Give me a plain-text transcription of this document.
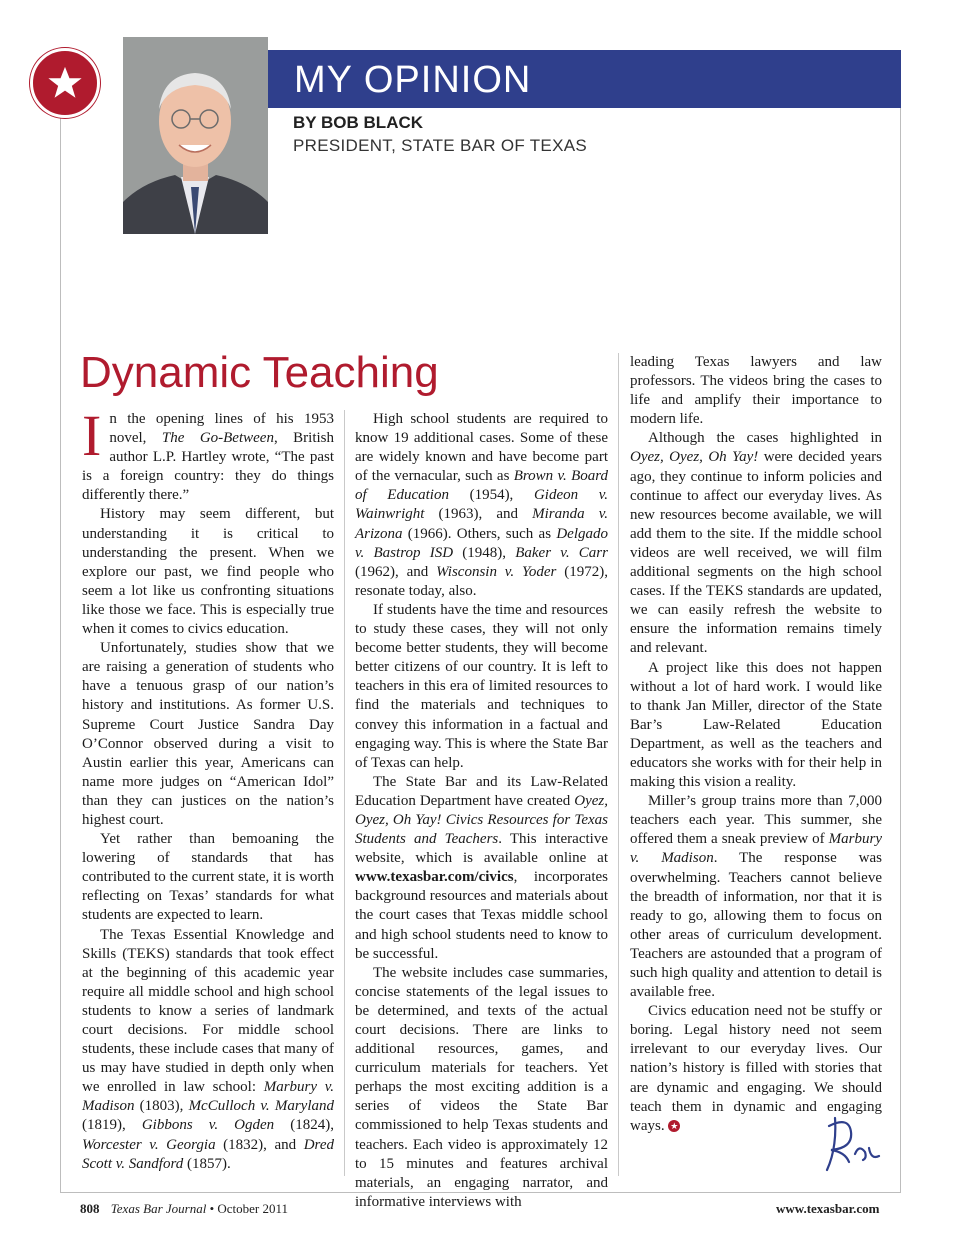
MY OPINION
BY BOB BLACK
PRESIDENT, STATE BAR OF TEXAS
Dynamic Teaching

In the opening lines of his 1953 novel, The Go-Between, British author L.P. Hartley wrote, “The past is a foreign country: they do things differently there.”

History may seem different, but understanding it is critical to understanding the present. When we explore our past, we find people who seem a lot like us confronting situations like those we face. This is especially true when it comes to civics education.

Unfortunately, studies show that we are raising a generation of students who have a tenuous grasp of our nation’s history and institutions. As former U.S. Supreme Court Justice Sandra Day O’Connor observed during a visit to Austin earlier this year, Americans can name more judges on “American Idol” than they can justices on the nation’s highest court.

Yet rather than bemoaning the lowering of standards that has contributed to the current state, it is worth reflecting on Texas’ standards for what students are expected to learn.

The Texas Essential Knowledge and Skills (TEKS) standards that took effect at the beginning of this academic year require all middle school and high school students to know a series of landmark court decisions. For middle school students, these include cases that many of us may have studied in depth only when we enrolled in law school: Marbury v. Madison (1803), McCulloch v. Maryland (1819), Gibbons v. Ogden (1824), Worcester v. Georgia (1832), and Dred Scott v. Sandford (1857).

High school students are required to know 19 additional cases. Some of these are widely known and have become part of the vernacular, such as Brown v. Board of Education (1954), Gideon v. Wainwright (1963), and Miranda v. Arizona (1966). Others, such as Delgado v. Bastrop ISD (1948), Baker v. Carr (1962), and Wisconsin v. Yoder (1972), resonate today, also.

If students have the time and resources to study these cases, they will not only become better students, they will become better citizens of our country. It is left to teachers in this era of limited resources to find the materials and techniques to convey this information in a factual and engaging way. This is where the State Bar of Texas can help.

The State Bar and its Law-Related Education Department have created Oyez, Oyez, Oh Yay! Civics Resources for Texas Students and Teachers. This interactive website, which is available online at www.texasbar.com/civics, incorporates background resources and materials about the court cases that Texas middle school and high school students need to know to be successful.

The website includes case summaries, concise statements of the legal issues to be determined, and texts of the actual court decisions. There are links to additional resources, games, and curriculum materials for teachers. Yet perhaps the most exciting addition is a series of videos the State Bar commissioned to help Texas students and teachers. Each video is approximately 12 to 15 minutes and features archival materials, an engaging narrator, and informative interviews with

leading Texas lawyers and law professors. The videos bring the cases to life and amplify their importance to modern life.

Although the cases highlighted in Oyez, Oyez, Oh Yay! were decided years ago, they continue to inform policies and continue to affect our everyday lives. As new resources become available, we will add them to the site. If the middle school videos are well received, we will film additional segments on the high school cases. If the TEKS standards are updated, we can easily refresh the website to ensure the information remains timely and relevant.

A project like this does not happen without a lot of hard work. I would like to thank Jan Miller, director of the State Bar’s Law-Related Education Department, as well as the teachers and educators she works with for their help in making this vision a reality.

Miller’s group trains more than 7,000 teachers each year. This summer, she offered them a sneak preview of Marbury v. Madison. The response was overwhelming. Teachers cannot believe the breadth of information, nor that it is ready to go, allowing them to focus on other areas of curriculum development. Teachers are astounded that a program of such high quality and attention to detail is available free.

Civics education need not be stuffy or boring. Legal history need not seem irrelevant to our everyday lives. Our nation’s history is filled with stories that are dynamic and engaging. We should teach them in dynamic and engaging ways. ★

808 Texas Bar Journal • October 2011	www.texasbar.com
